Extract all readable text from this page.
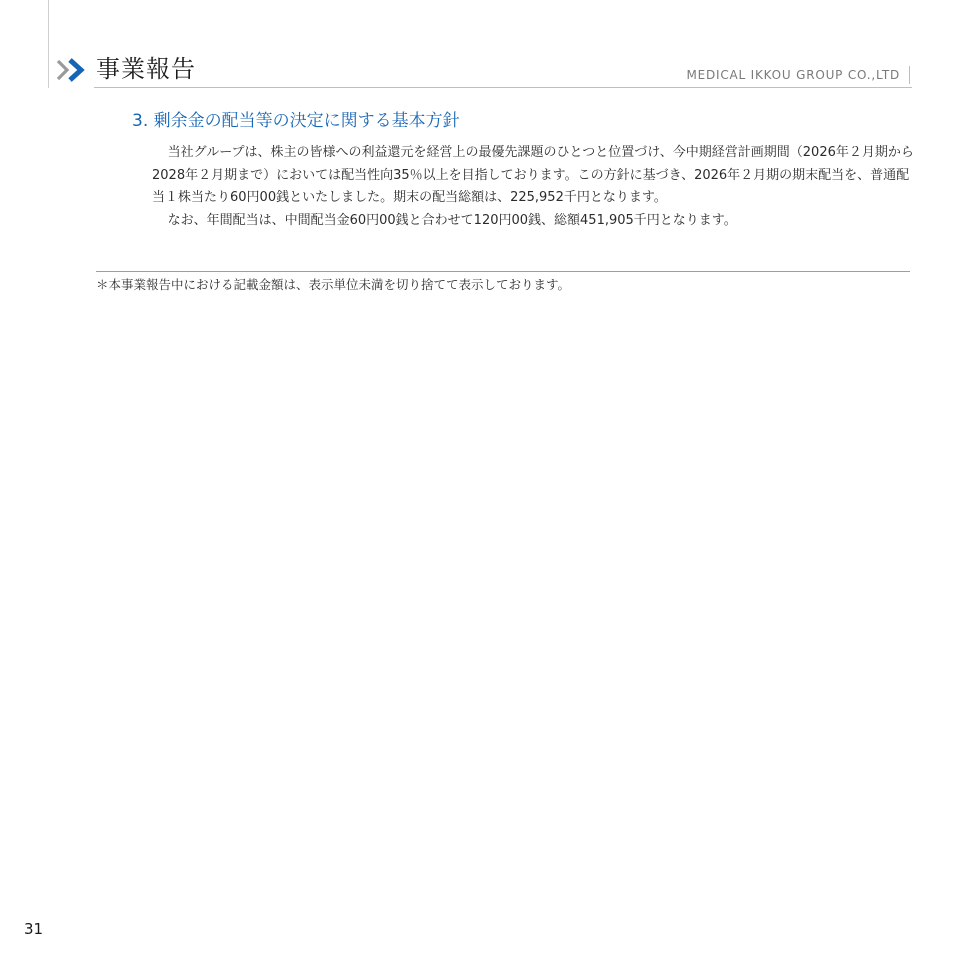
事業報告	MEDICAL IKKOU GROUP CO.,LTD
3. 剰余金の配当等の決定に関する基本方針

当社グループは、株主の皆様への利益還元を経営上の最優先課題のひとつと位置づけ、今中期経営計画期間（2026年２月期から2028年２月期まで）においては配当性向35％以上を目指しております。この方針に基づき、2026年２月期の期末配当を、普通配当１株当たり60円00銭といたしました。期末の配当総額は、225,952千円となります。

なお、年間配当は、中間配当金60円00銭と合わせて120円00銭、総額451,905千円となります。

＊本事業報告中における記載金額は、表示単位未満を切り捨てて表示しております。
31
